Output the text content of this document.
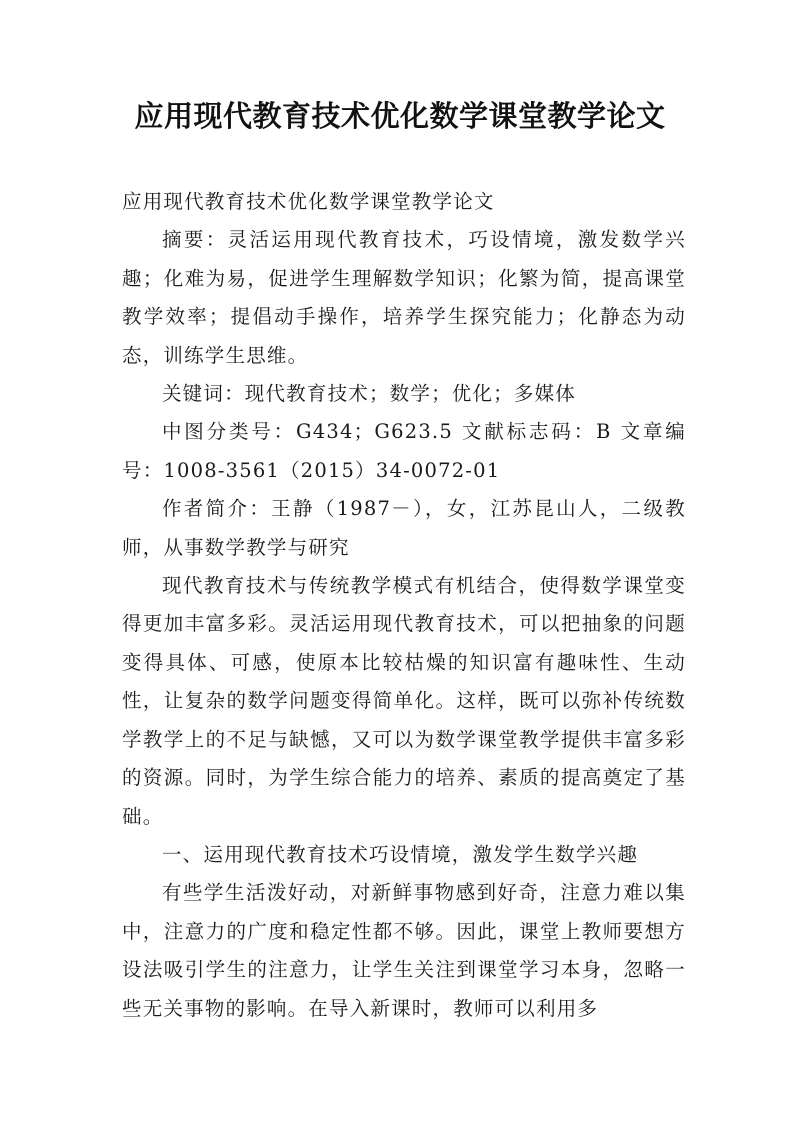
应用现代教育技术优化数学课堂教学论文

应用现代教育技术优化数学课堂教学论文

摘要：灵活运用现代教育技术，巧设情境，激发数学兴趣；化难为易，促进学生理解数学知识；化繁为简，提高课堂教学效率；提倡动手操作，培养学生探究能力；化静态为动态，训练学生思维。

关键词：现代教育技术；数学；优化；多媒体

中图分类号：G434；G623.5 文献标志码：B 文章编号：1008-3561（2015）34-0072-01

作者简介：王静（1987－），女，江苏昆山人，二级教师，从事数学教学与研究

现代教育技术与传统教学模式有机结合，使得数学课堂变得更加丰富多彩。灵活运用现代教育技术，可以把抽象的问题变得具体、可感，使原本比较枯燥的知识富有趣味性、生动性，让复杂的数学问题变得简单化。这样，既可以弥补传统数学教学上的不足与缺憾，又可以为数学课堂教学提供丰富多彩的资源。同时，为学生综合能力的培养、素质的提高奠定了基础。

一、运用现代教育技术巧设情境，激发学生数学兴趣

有些学生活泼好动，对新鲜事物感到好奇，注意力难以集中，注意力的广度和稳定性都不够。因此，课堂上教师要想方设法吸引学生的注意力，让学生关注到课堂学习本身，忽略一些无关事物的影响。在导入新课时，教师可以利用多
